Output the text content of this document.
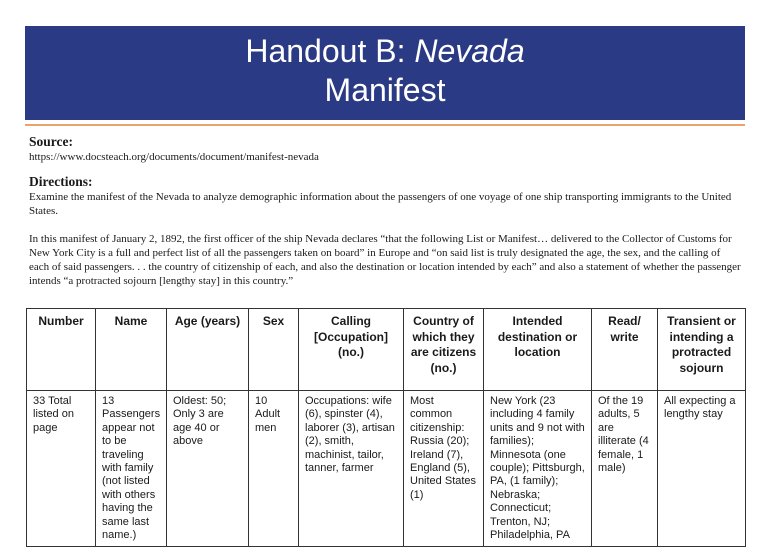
Handout B: Nevada
Manifest
Source:
https://www.docsteach.org/documents/document/manifest-nevada
Directions:
Examine the manifest of the Nevada to analyze demographic information about the passengers of one voyage of one ship transporting immigrants to the United States.
In this manifest of January 2, 1892, the first officer of the ship Nevada declares “that the following List or Manifest… delivered to the Collector of Customs for New York City is a full and perfect list of all the passengers taken on board” in Europe and “on said list is truly designated the age, the sex, and the calling of each of said passengers. . . the country of citizenship of each, and also the destination or location intended by each” and also a statement of whether the passenger intends “a protracted sojourn [lengthy stay] in this country.”
Number	Name	Age (years)	Sex	Calling [Occupation] (no.)	Country of which they are citizens (no.)	Intended destination or location	Read/ write	Transient or intending a protracted sojourn
33 Total listed on page	13 Passengers appear not to be traveling with family (not listed with others having the same last name.)	Oldest: 50; Only 3 are age 40 or above	10 Adult men	Occupations: wife (6), spinster (4), laborer (3), artisan (2), smith, machinist, tailor, tanner, farmer	Most common citizenship: Russia (20); Ireland (7), England (5), United States (1)	New York (23 including 4 family units and 9 not with families); Minnesota (one couple); Pittsburgh, PA, (1 family); Nebraska; Connecticut; Trenton, NJ; Philadelphia, PA	Of the 19 adults, 5 are illiterate (4 female, 1 male)	All expecting a lengthy stay
